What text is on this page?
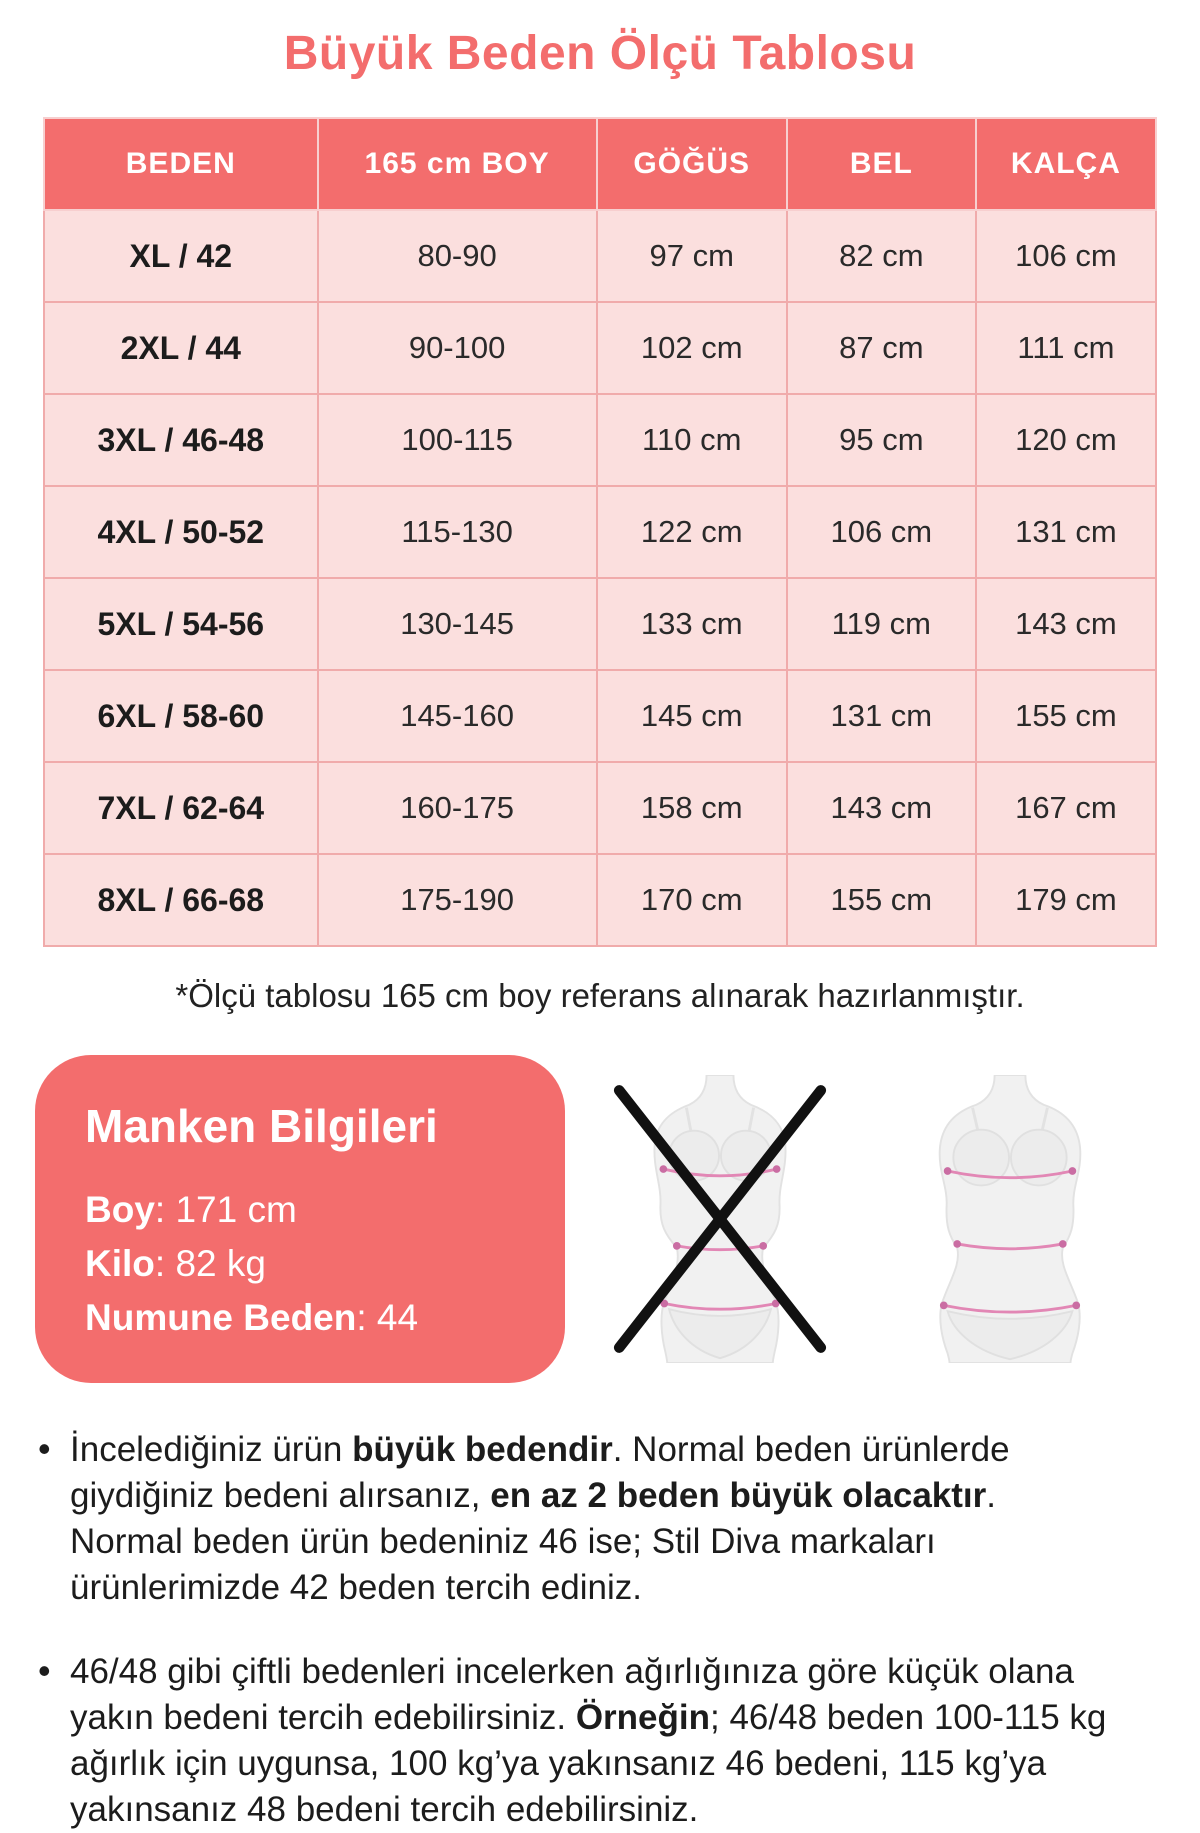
Büyük Beden Ölçü Tablosu
BEDEN	165 cm BOY	GÖĞÜS	BEL	KALÇA
XL / 42	80-90	97 cm	82 cm	106 cm
2XL / 44	90-100	102 cm	87 cm	111 cm
3XL / 46-48	100-115	110 cm	95 cm	120 cm
4XL / 50-52	115-130	122 cm	106 cm	131 cm
5XL / 54-56	130-145	133 cm	119 cm	143 cm
6XL / 58-60	145-160	145 cm	131 cm	155 cm
7XL / 62-64	160-175	158 cm	143 cm	167 cm
8XL / 66-68	175-190	170 cm	155 cm	179 cm
*Ölçü tablosu 165 cm boy referans alınarak hazırlanmıştır.
Manken Bilgileri
Boy: 171 cm
Kilo: 82 kg
Numune Beden: 44
• İncelediğiniz ürün büyük bedendir. Normal beden ürünlerde giydiğiniz bedeni alırsanız, en az 2 beden büyük olacaktır. Normal beden ürün bedeniniz 46 ise; Stil Diva markaları ürünlerimizde 42 beden tercih ediniz.
• 46/48 gibi çiftli bedenleri incelerken ağırlığınıza göre küçük olana yakın bedeni tercih edebilirsiniz. Örneğin; 46/48 beden 100-115 kg ağırlık için uygunsa, 100 kg’ya yakınsanız 46 bedeni, 115 kg’ya yakınsanız 48 bedeni tercih edebilirsiniz.
